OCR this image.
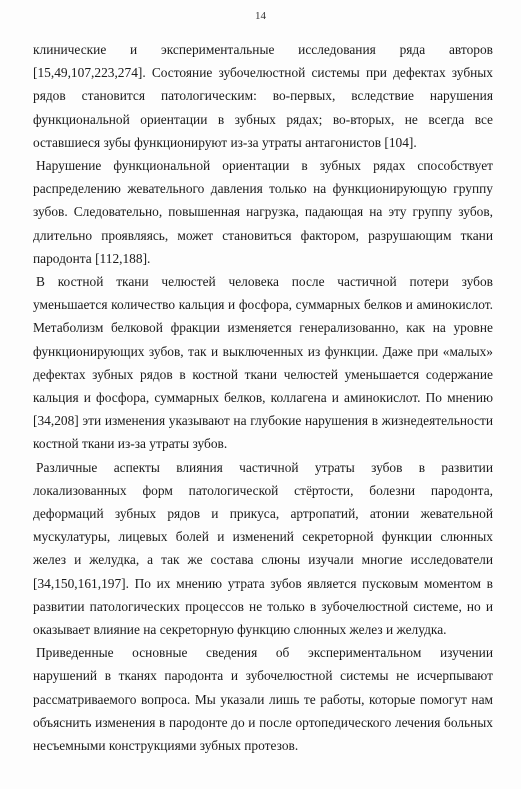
14
клинические и экспериментальные исследования ряда авторов
[15,49,107,223,274]. Состояние зубочелюстной системы при дефектах зубных
рядов становится патологическим: во-первых, вследствие нарушения
функциональной ориентации в зубных рядах; во-вторых, не всегда все
оставшиеся зубы функционируют из-за утраты антагонистов [104].
Нарушение функциональной ориентации в зубных рядах способствует
распределению жевательного давления только на функционирующую группу
зубов. Следовательно, повышенная нагрузка, падающая на эту группу зубов,
длительно проявляясь, может становиться фактором, разрушающим ткани
пародонта [112,188].
В костной ткани челюстей человека после частичной потери зубов
уменьшается количество кальция и фосфора, суммарных белков и аминокислот.
Метаболизм белковой фракции изменяется генерализованно, как на уровне
функционирующих зубов, так и выключенных из функции. Даже при «малых»
дефектах зубных рядов в костной ткани челюстей уменьшается содержание
кальция и фосфора, суммарных белков, коллагена и аминокислот. По мнению
[34,208] эти изменения указывают на глубокие нарушения в жизнедеятельности
костной ткани из-за утраты зубов.
Различные аспекты влияния частичной утраты зубов в развитии
локализованных форм патологической стёртости, болезни пародонта,
деформаций зубных рядов и прикуса, артропатий, атонии жевательной
мускулатуры, лицевых болей и изменений секреторной функции слюнных
желез и желудка, а так же состава слюны изучали многие исследователи
[34,150,161,197]. По их мнению утрата зубов является пусковым моментом в
развитии патологических процессов не только в зубочелюстной системе, но и
оказывает влияние на секреторную функцию слюнных желез и желудка.
Приведенные основные сведения об экспериментальном изучении
нарушений в тканях пародонта и зубочелюстной системы не исчерпывают
рассматриваемого вопроса. Мы указали лишь те работы, которые помогут нам
объяснить изменения в пародонте до и после ортопедического лечения больных
несъемными конструкциями зубных протезов.
